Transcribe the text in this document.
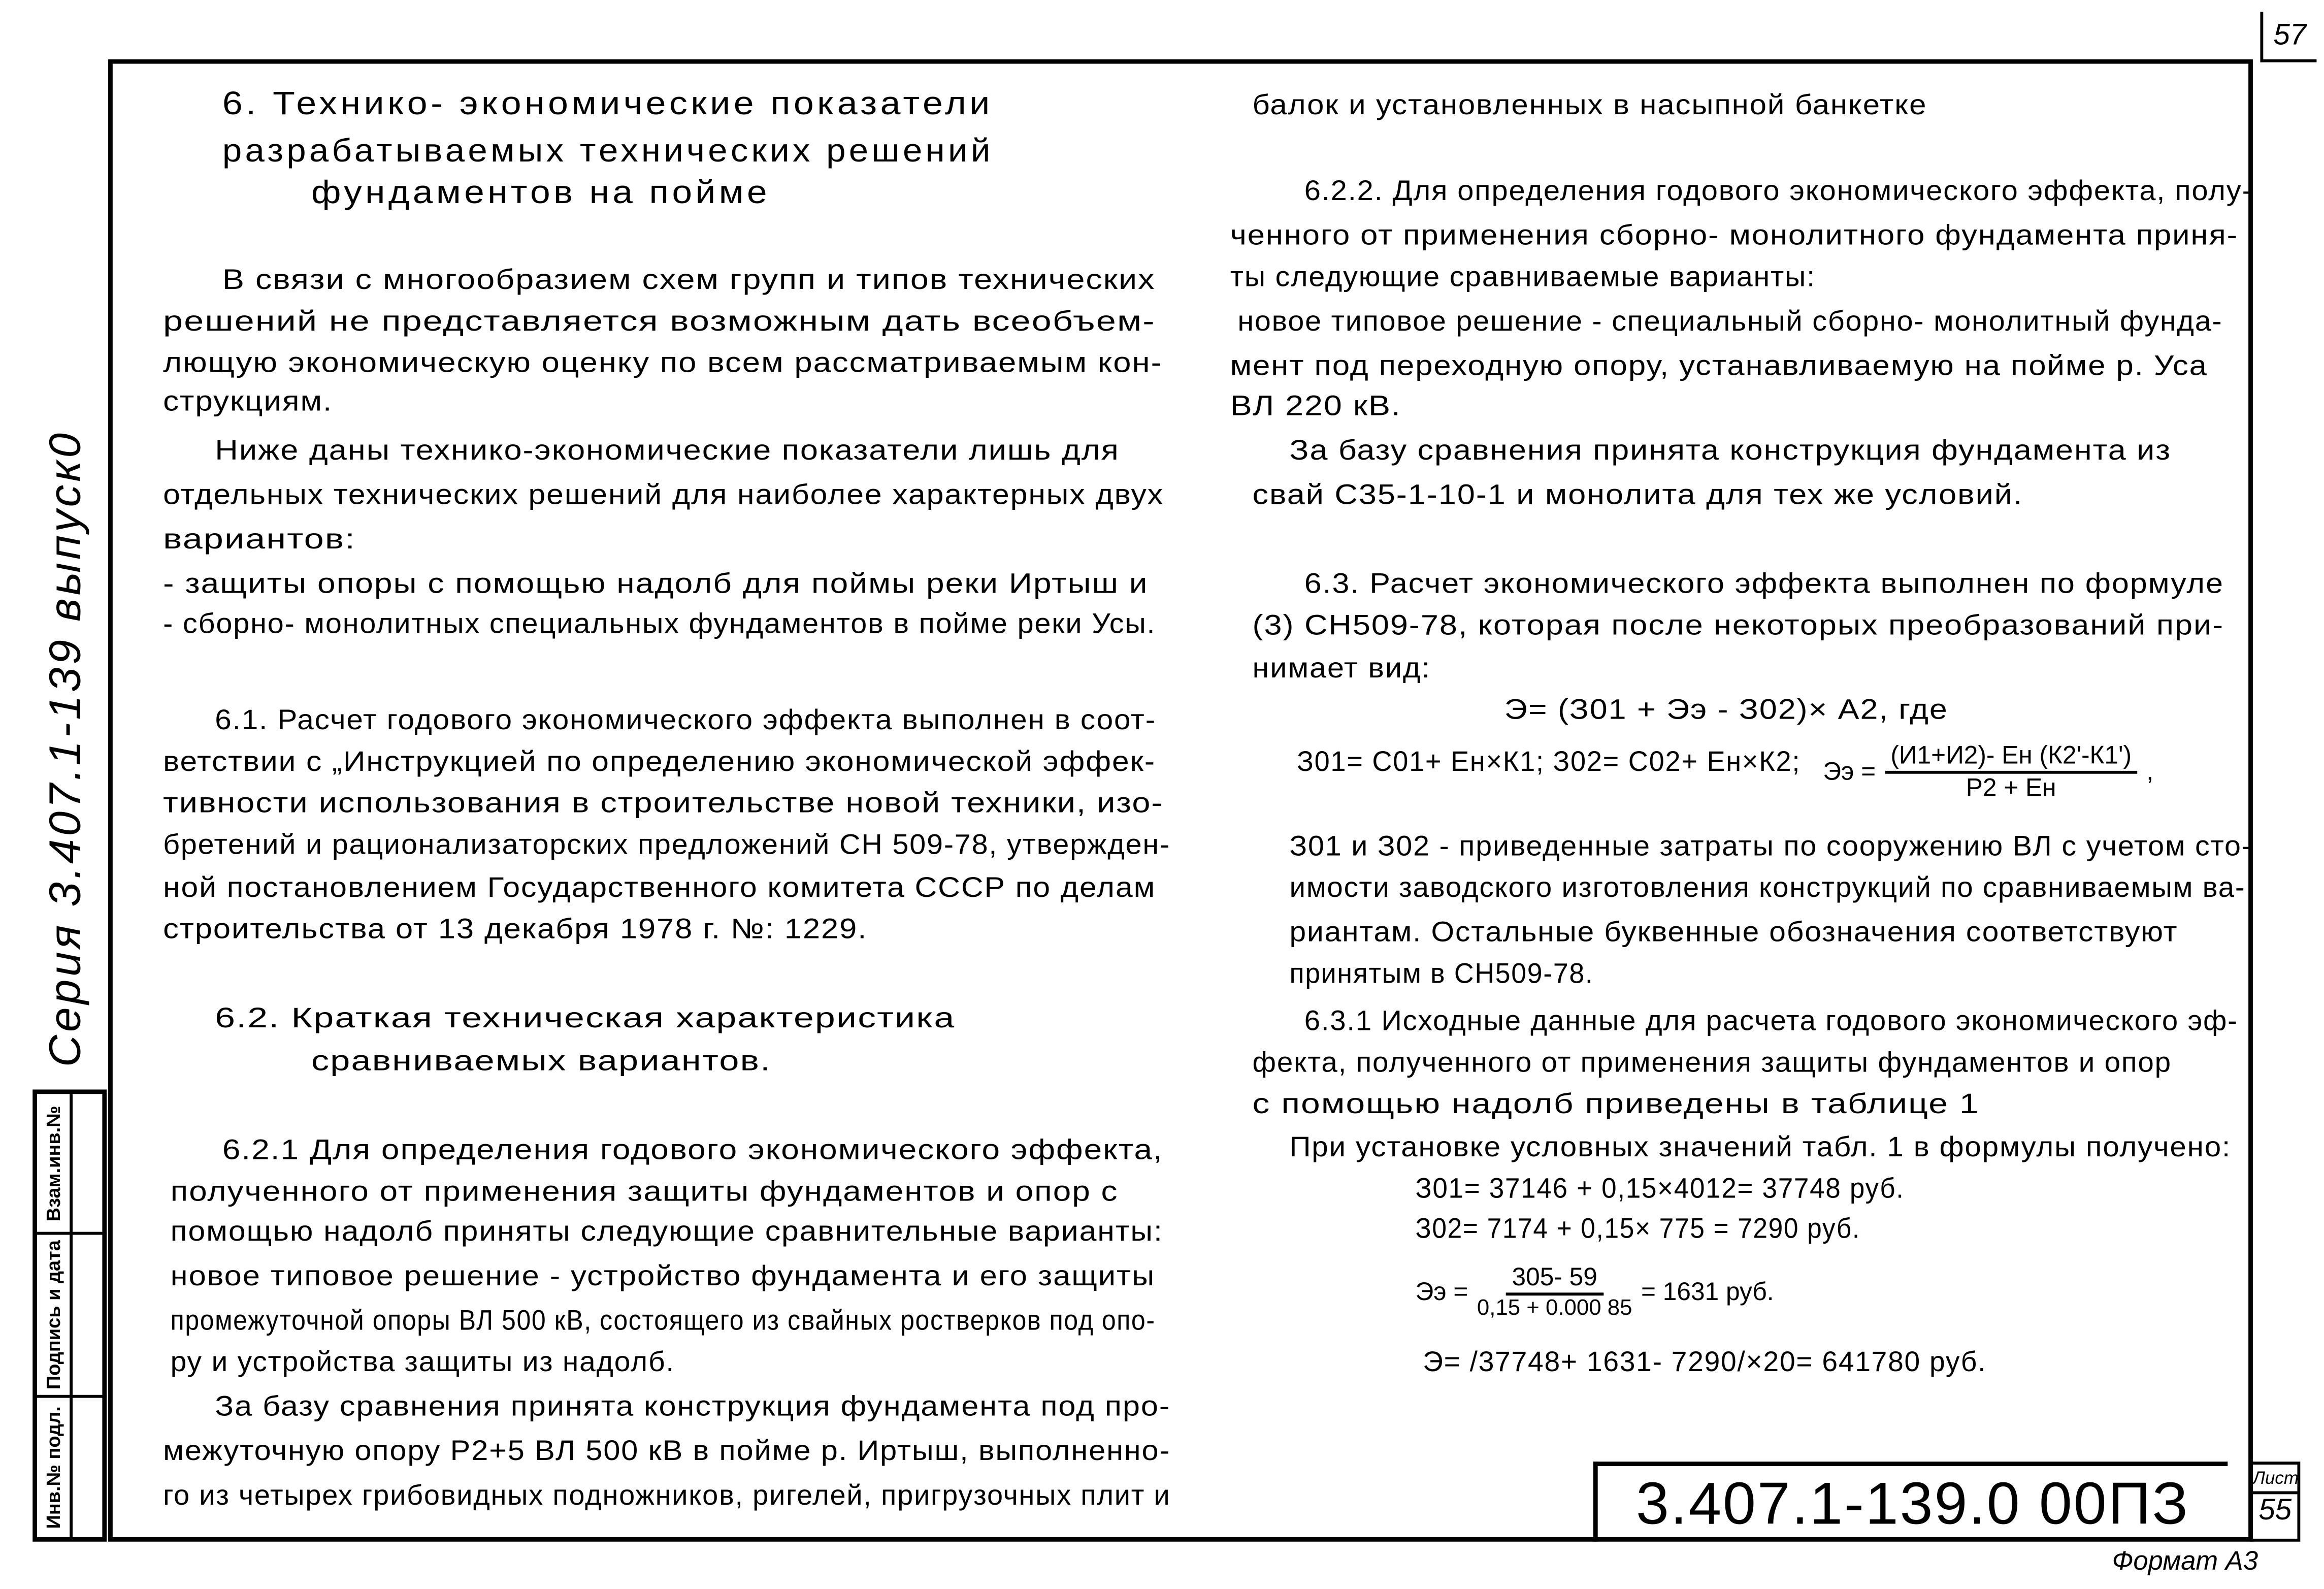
57
Серия 3.407.1-139 выпуск0
Взам.инв.№
Подпись и дата
Инв.№ подл.
6. Технико- экономические показатели
разрабатываемых технических решений
фундаментов на пойме
В связи с многообразием схем групп и типов технических
решений не представляется возможным дать всеобъем-
лющую экономическую оценку по всем рассматриваемым кон-
струкциям.
Ниже даны технико-экономические показатели лишь для
отдельных технических решений для наиболее характерных двух
вариантов:
- защиты опоры с помощью надолб для поймы реки Иртыш и
- сборно- монолитных специальных фундаментов в пойме реки Усы.
6.1. Расчет годового экономического эффекта выполнен в соот-
ветствии с „Инструкцией по определению экономической эффек-
тивности использования в строительстве новой техники, изо-
бретений и рационализаторских предложений СН 509-78, утвержден-
ной постановлением Государственного комитета СССР по делам
строительства от 13 декабря 1978 г. №: 1229.
6.2. Краткая техническая характеристика
сравниваемых вариантов.
6.2.1 Для определения годового экономического эффекта,
полученного от применения защиты фундаментов и опор с
помощью надолб приняты следующие сравнительные варианты:
новое типовое решение - устройство фундамента и его защиты
промежуточной опоры ВЛ 500 кВ, состоящего из свайных ростверков под опо-
ру и устройства защиты из надолб.
За базу сравнения принята конструкция фундамента под про-
межуточную опору Р2+5 ВЛ 500 кВ в пойме р. Иртыш, выполненно-
го из четырех грибовидных подножников, ригелей, пригрузочных плит и
балок и установленных в насыпной банкетке
6.2.2. Для определения годового экономического эффекта, полу-
ченного от применения сборно- монолитного фундамента приня-
ты следующие сравниваемые варианты:
новое типовое решение - специальный сборно- монолитный фунда-
мент под переходную опору, устанавливаемую на пойме р. Уса
ВЛ 220 кВ.
За базу сравнения принята конструкция фундамента из
свай С35-1-10-1 и монолита для тех же условий.
6.3. Расчет экономического эффекта выполнен по формуле
(3) СН509-78, которая после некоторых преобразований при-
нимает вид:
Э= (З01 + Ээ - З02)× А2, где
З01= С01+ Ен×К1; З02= С02+ Ен×К2;
З01 и З02 - приведенные затраты по сооружению ВЛ с учетом сто-
имости заводского изготовления конструкций по сравниваемым ва-
риантам. Остальные буквенные обозначения соответствуют
принятым в СН509-78.
6.3.1 Исходные данные для расчета годового экономического эф-
фекта, полученного от применения защиты фундаментов и опор
с помощью надолб приведены в таблице 1
При установке условных значений табл. 1 в формулы получено:
З01= 37146 + 0,15×4012= 37748 руб.
З02= 7174 + 0,15× 775 = 7290 руб.
Э= /37748+ 1631- 7290/×20= 641780 руб.
Ээ =
(И1+И2)- Ен (К2'-К1')
Р2 + Ен
,
Ээ = $\frac{305- 59}{0,15 + 0.000 85} = 1631$ руб.
3.407.1-139.0 00ПЗ	Лист
55
Формат А3
